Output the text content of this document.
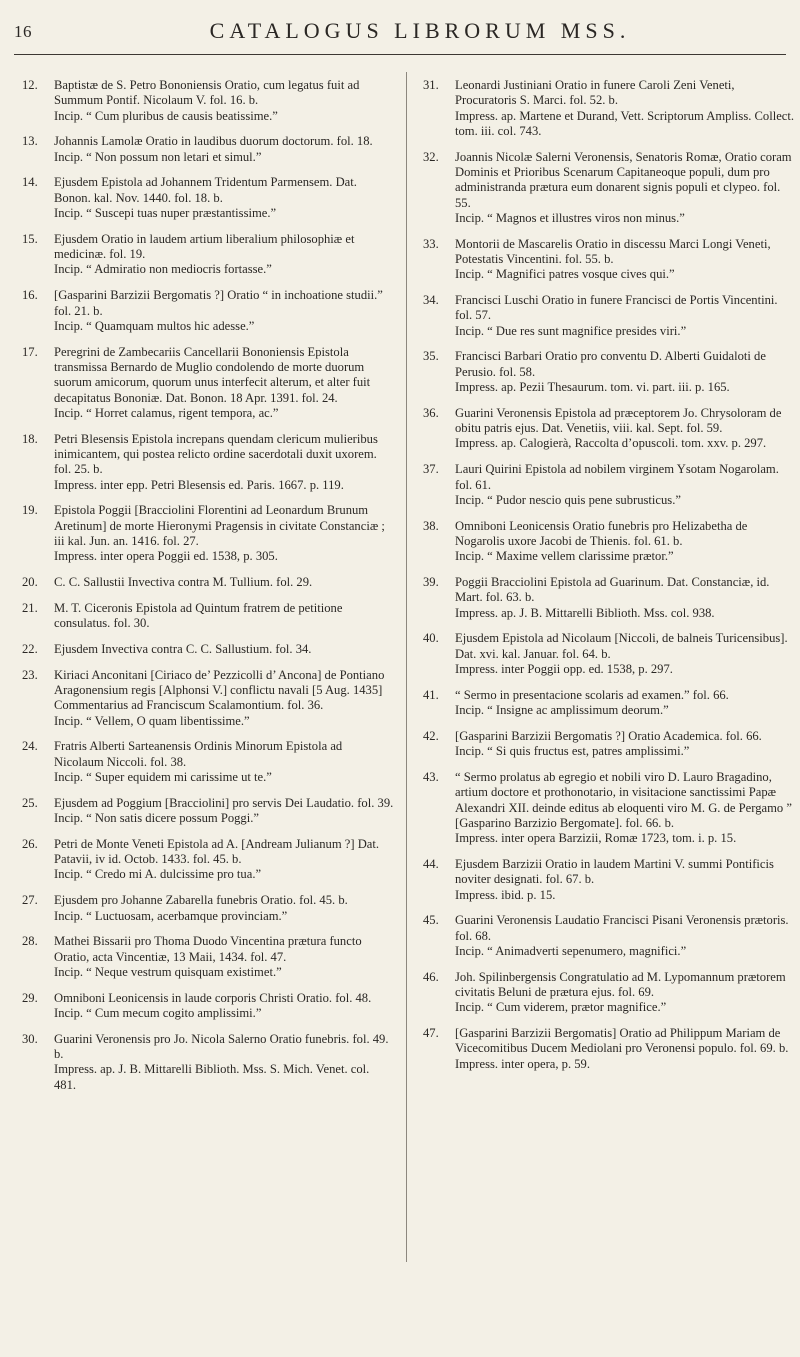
16	CATALOGUS LIBRORUM MSS.
12.	Baptistæ de S. Petro Bononiensis Oratio, cum legatus fuit ad Summum Pontif. Nicolaum V. fol. 16. b.
Incip. “ Cum pluribus de causis beatissime.”
13.	Johannis Lamolæ Oratio in laudibus duorum doctorum. fol. 18.
Incip. “ Non possum non letari et simul.”
14.	Ejusdem Epistola ad Johannem Tridentum Parmensem. Dat. Bonon. kal. Nov. 1440. fol. 18. b.
Incip. “ Suscepi tuas nuper præstantissime.”
15.	Ejusdem Oratio in laudem artium liberalium philosophiæ et medicinæ. fol. 19.
Incip. “ Admiratio non mediocris fortasse.”
16.	[Gasparini Barzizii Bergomatis ?] Oratio “ in inchoatione studii.” fol. 21. b.
Incip. “ Quamquam multos hic adesse.”
17.	Peregrini de Zambecariis Cancellarii Bononiensis Epistola transmissa Bernardo de Muglio condolendo de morte duorum suorum amicorum, quorum unus interfecit alterum, et alter fuit decapitatus Bononiæ. Dat. Bonon. 18 Apr. 1391. fol. 24.
Incip. “ Horret calamus, rigent tempora, ac.”
18.	Petri Blesensis Epistola increpans quendam clericum mulieribus inimicantem, qui postea relicto ordine sacerdotali duxit uxorem. fol. 25. b.
Impress. inter epp. Petri Blesensis ed. Paris. 1667. p. 119.
19.	Epistola Poggii [Bracciolini Florentini ad Leonardum Brunum Aretinum] de morte Hieronymi Pragensis in civitate Constanciæ ; iii kal. Jun. an. 1416. fol. 27.
Impress. inter opera Poggii ed. 1538, p. 305.
20.	C. C. Sallustii Invectiva contra M. Tullium. fol. 29.
21.	M. T. Ciceronis Epistola ad Quintum fratrem de petitione consulatus. fol. 30.
22.	Ejusdem Invectiva contra C. C. Sallustium. fol. 34.
23.	Kiriaci Anconitani [Ciriaco de’ Pezzicolli d’ Ancona] de Pontiano Aragonensium regis [Alphonsi V.] conflictu navali [5 Aug. 1435] Commentarius ad Franciscum Scalamontium. fol. 36.
Incip. “ Vellem, O quam libentissime.”
24.	Fratris Alberti Sarteanensis Ordinis Minorum Epistola ad Nicolaum Niccoli. fol. 38.
Incip. “ Super equidem mi carissime ut te.”
25.	Ejusdem ad Poggium [Bracciolini] pro servis Dei Laudatio. fol. 39.
Incip. “ Non satis dicere possum Poggi.”
26.	Petri de Monte Veneti Epistola ad A. [Andream Julianum ?] Dat. Patavii, iv id. Octob. 1433. fol. 45. b.
Incip. “ Credo mi A. dulcissime pro tua.”
27.	Ejusdem pro Johanne Zabarella funebris Oratio. fol. 45. b.
Incip. “ Luctuosam, acerbamque provinciam.”
28.	Mathei Bissarii pro Thoma Duodo Vincentina prætura functo Oratio, acta Vincentiæ, 13 Maii, 1434. fol. 47.
Incip. “ Neque vestrum quisquam existimet.”
29.	Omniboni Leonicensis in laude corporis Christi Oratio. fol. 48.
Incip. “ Cum mecum cogito amplissimi.”
30.	Guarini Veronensis pro Jo. Nicola Salerno Oratio funebris. fol. 49. b.
Impress. ap. J. B. Mittarelli Biblioth. Mss. S. Mich. Venet. col. 481.
31.	Leonardi Justiniani Oratio in funere Caroli Zeni Veneti, Procuratoris S. Marci. fol. 52. b.
Impress. ap. Martene et Durand, Vett. Scriptorum Ampliss. Collect. tom. iii. col. 743.
32.	Joannis Nicolæ Salerni Veronensis, Senatoris Romæ, Oratio coram Dominis et Prioribus Scenarum Capitaneoque populi, dum pro administranda prætura eum donarent signis populi et clypeo. fol. 55.
Incip. “ Magnos et illustres viros non minus.”
33.	Montorii de Mascarelis Oratio in discessu Marci Longi Veneti, Potestatis Vincentini. fol. 55. b.
Incip. “ Magnifici patres vosque cives qui.”
34.	Francisci Luschi Oratio in funere Francisci de Portis Vincentini. fol. 57.
Incip. “ Due res sunt magnifice presides viri.”
35.	Francisci Barbari Oratio pro conventu D. Alberti Guidaloti de Perusio. fol. 58.
Impress. ap. Pezii Thesaurum. tom. vi. part. iii. p. 165.
36.	Guarini Veronensis Epistola ad præceptorem Jo. Chrysoloram de obitu patris ejus. Dat. Venetiis, viii. kal. Sept. fol. 59.
Impress. ap. Calogierà, Raccolta d’opuscoli. tom. xxv. p. 297.
37.	Lauri Quirini Epistola ad nobilem virginem Ysotam Nogarolam. fol. 61.
Incip. “ Pudor nescio quis pene subrusticus.”
38.	Omniboni Leonicensis Oratio funebris pro Helizabetha de Nogarolis uxore Jacobi de Thienis. fol. 61. b.
Incip. “ Maxime vellem clarissime prætor.”
39.	Poggii Bracciolini Epistola ad Guarinum. Dat. Constanciæ, id. Mart. fol. 63. b.
Impress. ap. J. B. Mittarelli Biblioth. Mss. col. 938.
40.	Ejusdem Epistola ad Nicolaum [Niccoli, de balneis Turicensibus]. Dat. xvi. kal. Januar. fol. 64. b.
Impress. inter Poggii opp. ed. 1538, p. 297.
41.	“ Sermo in presentacione scolaris ad examen.” fol. 66.
Incip. “ Insigne ac amplissimum deorum.”
42.	[Gasparini Barzizii Bergomatis ?] Oratio Academica. fol. 66.
Incip. “ Si quis fructus est, patres amplissimi.”
43.	“ Sermo prolatus ab egregio et nobili viro D. Lauro Bragadino, artium doctore et prothonotario, in visitacione sanctissimi Papæ Alexandri XII. deinde editus ab eloquenti viro M. G. de Pergamo ” [Gasparino Barzizio Bergomate]. fol. 66. b.
Impress. inter opera Barzizii, Romæ 1723, tom. i. p. 15.
44.	Ejusdem Barzizii Oratio in laudem Martini V. summi Pontificis noviter designati. fol. 67. b.
Impress. ibid. p. 15.
45.	Guarini Veronensis Laudatio Francisci Pisani Veronensis prætoris. fol. 68.
Incip. “ Animadverti sepenumero, magnifici.”
46.	Joh. Spilinbergensis Congratulatio ad M. Lypomannum prætorem civitatis Beluni de prætura ejus. fol. 69.
Incip. “ Cum viderem, prætor magnifice.”
47.	[Gasparini Barzizii Bergomatis] Oratio ad Philippum Mariam de Vicecomitibus Ducem Mediolani pro Veronensi populo. fol. 69. b.
Impress. inter opera, p. 59.
